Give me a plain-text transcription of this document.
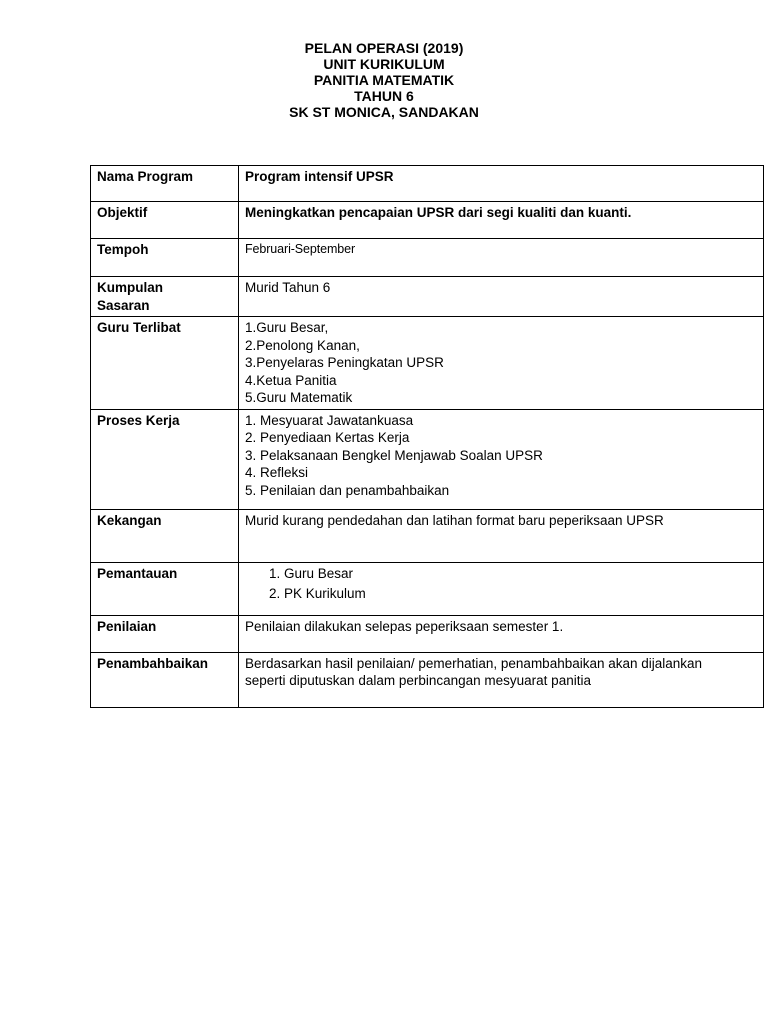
PELAN OPERASI (2019)
UNIT KURIKULUM
PANITIA MATEMATIK
TAHUN 6
SK ST MONICA, SANDAKAN
Nama Program	Program intensif UPSR
Objektif	Meningkatkan pencapaian UPSR dari segi kualiti dan kuanti.
Tempoh	Februari-September

Kumpulan
Sasaran	Murid Tahun 6
Guru Terlibat	1.Guru Besar,
2.Penolong Kanan,
3.Penyelaras Peningkatan UPSR
4.Ketua Panitia
5.Guru Matematik

Proses Kerja	1. Mesyuarat Jawatankuasa
2. Penyediaan Kertas Kerja
3. Pelaksanaan Bengkel Menjawab Soalan UPSR
4. Refleksi
5. Penilaian dan penambahbaikan

Kekangan	Murid kurang pendedahan dan latihan format baru peperiksaan UPSR
Pemantauan	1. Guru Besar
2. PK Kurikulum

Penilaian	Penilaian dilakukan selepas peperiksaan semester 1.
Penambahbaikan	Berdasarkan hasil penilaian/ pemerhatian, penambahbaikan akan dijalankan
seperti diputuskan dalam perbincangan mesyuarat panitia
